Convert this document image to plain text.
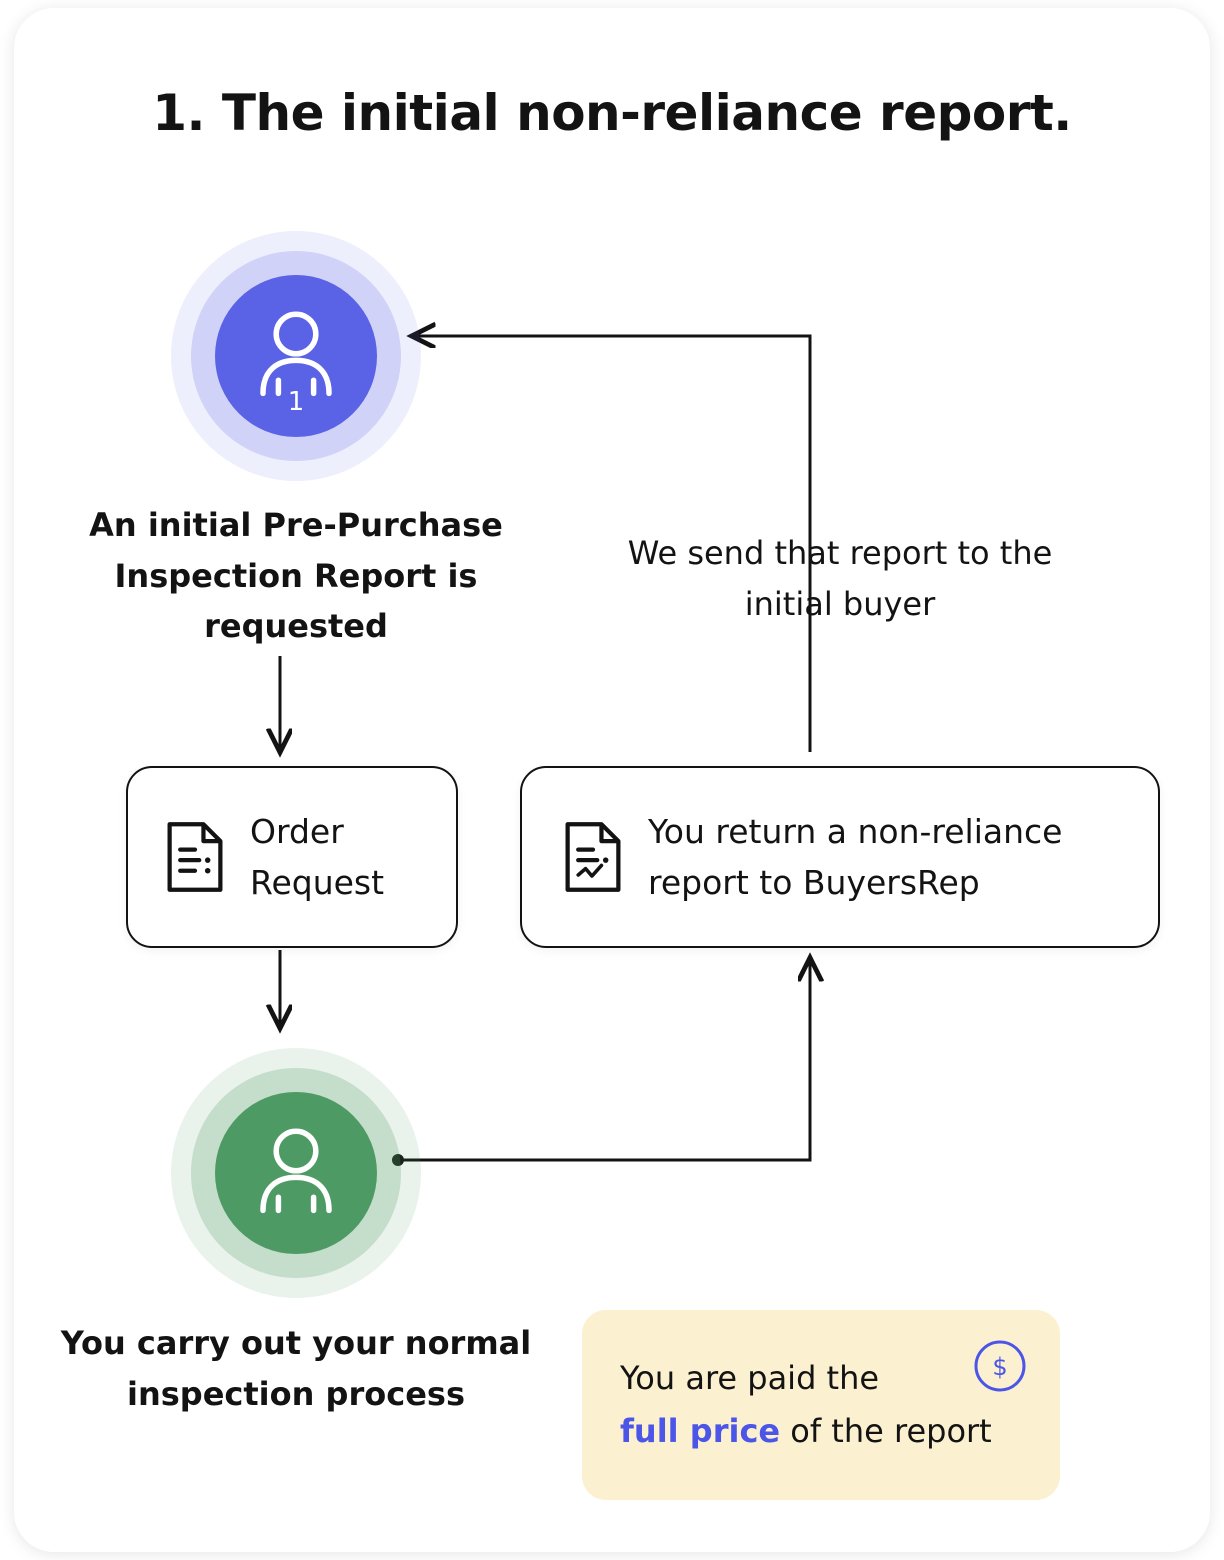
1. The initial non-reliance report.
1
An initial Pre-Purchase Inspection Report is requested
We send that report to the initial buyer
Order Request
You return a non-reliance report to BuyersRep
You carry out your normal inspection process	You are paid the
full price of the report
$
